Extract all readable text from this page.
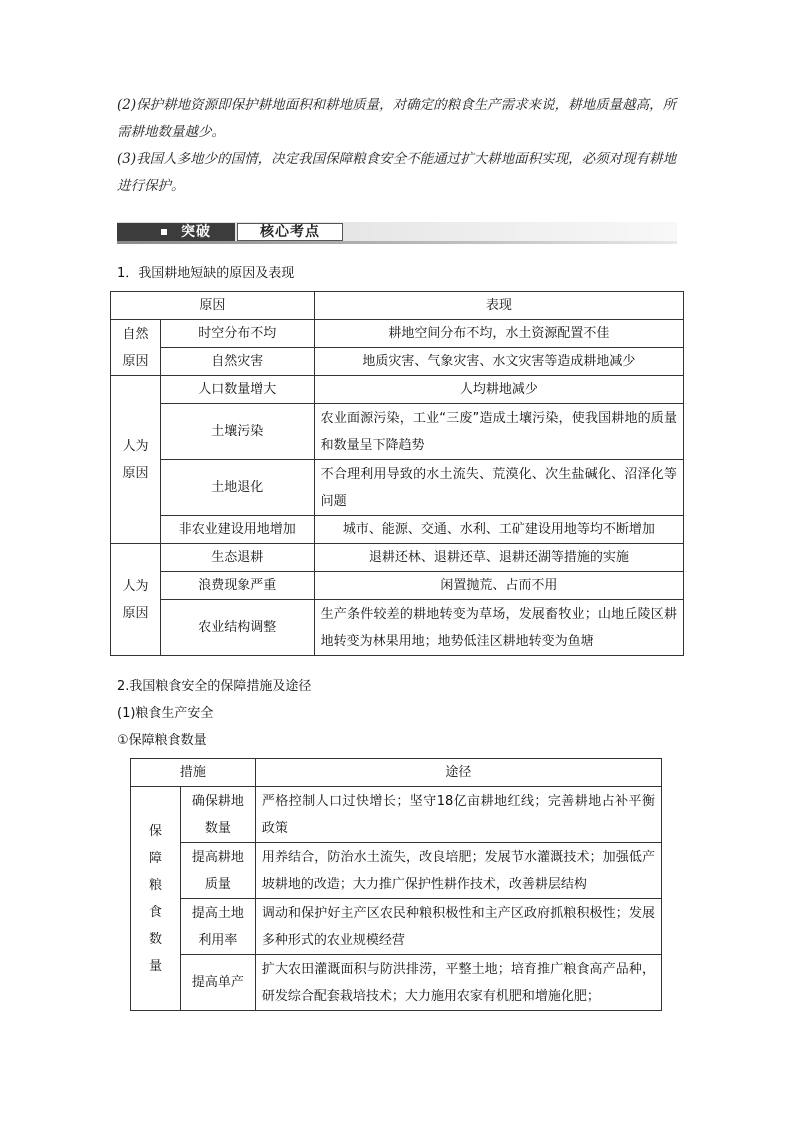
(2)保护耕地资源即保护耕地面积和耕地质量，对确定的粮食生产需求来说，耕地质量越高，所需耕地数量越少。
(3)我国人多地少的国情，决定我国保障粮食安全不能通过扩大耕地面积实现，必须对现有耕地进行保护。
突破	核心考点
1．我国耕地短缺的原因及表现
原因		表现
自然原因	时空分布不均	耕地空间分布不均，水土资源配置不佳
	自然灾害	地质灾害、气象灾害、水文灾害等造成耕地减少
人为原因	人口数量增大	人均耕地减少
	土壤污染	农业面源污染，工业“三废”造成土壤污染，使我国耕地的质量和数量呈下降趋势
	土地退化	不合理利用导致的水土流失、荒漠化、次生盐碱化、沼泽化等问题
	非农业建设用地增加	城市、能源、交通、水利、工矿建设用地等均不断增加
人为原因	生态退耕	退耕还林、退耕还草、退耕还湖等措施的实施
	浪费现象严重	闲置抛荒、占而不用
	农业结构调整	生产条件较差的耕地转变为草场，发展畜牧业；山地丘陵区耕地转变为林果用地；地势低洼区耕地转变为鱼塘
2.我国粮食安全的保障措施及途径
(1)粮食生产安全
①保障粮食数量
措施		途径
保障粮食数量	确保耕地数量	严格控制人口过快增长；坚守18亿亩耕地红线；完善耕地占补平衡政策
	提高耕地质量	用养结合，防治水土流失，改良培肥；发展节水灌溉技术；加强低产坡耕地的改造；大力推广保护性耕作技术，改善耕层结构
	提高土地利用率	调动和保护好主产区农民种粮积极性和主产区政府抓粮积极性；发展多种形式的农业规模经营
	提高单产	扩大农田灌溉面积与防洪排涝，平整土地；培育推广粮食高产品种，研发综合配套栽培技术；大力施用农家有机肥和增施化肥；
